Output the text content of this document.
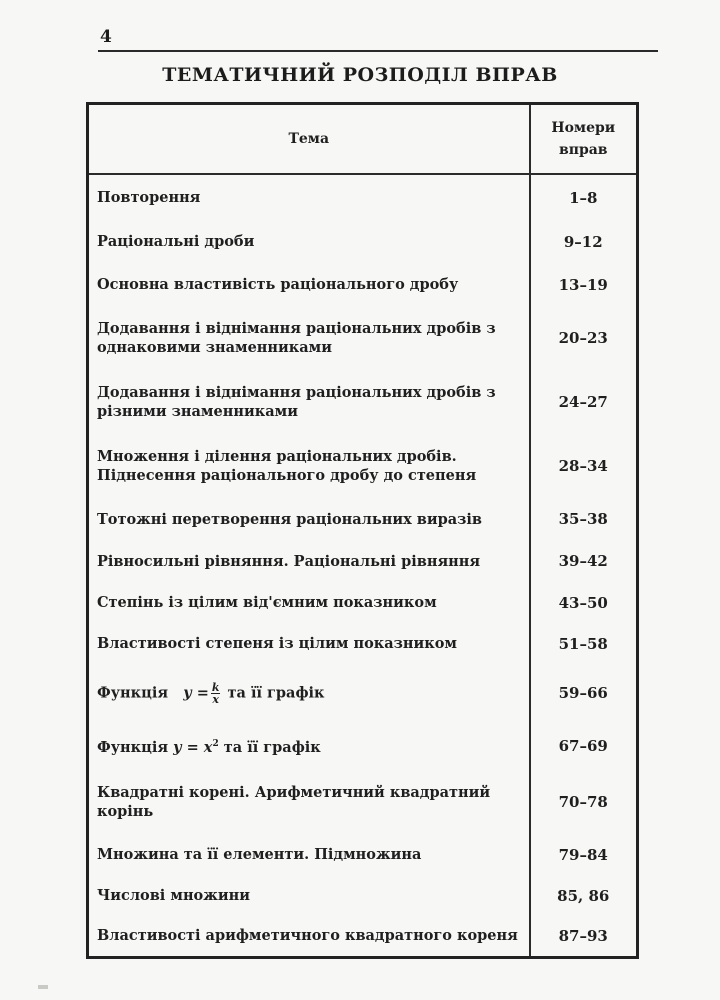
4
ТЕМАТИЧНИЙ РОЗПОДІЛ ВПРАВ
Тема	Номери вправ
Повторення	1–8
Раціональні дроби	9–12
Основна властивість раціонального дробу	13–19
Додавання і віднімання раціональних дробів з однаковими знаменниками	20–23
Додавання і віднімання раціональних дробів з різними знаменниками	24–27
Множення і ділення раціональних дробів. Піднесення раціонального дробу до степеня	28–34
Тотожні перетворення раціональних виразів	35–38
Рівносильні рівняння. Раціональні рівняння	39–42
Степінь із цілим від'ємним показником	43–50
Властивості степеня із цілим показником	51–58
Функція $y = \frac{k}{x}$ та її графік	59–66
Функція $y = x^2$ та її графік	67–69
Квадратні корені. Арифметичний квадратний корінь	70–78
Множина та її елементи. Підмножина	79–84
Числові множини	85, 86
Властивості арифметичного квадратного кореня	87–93
